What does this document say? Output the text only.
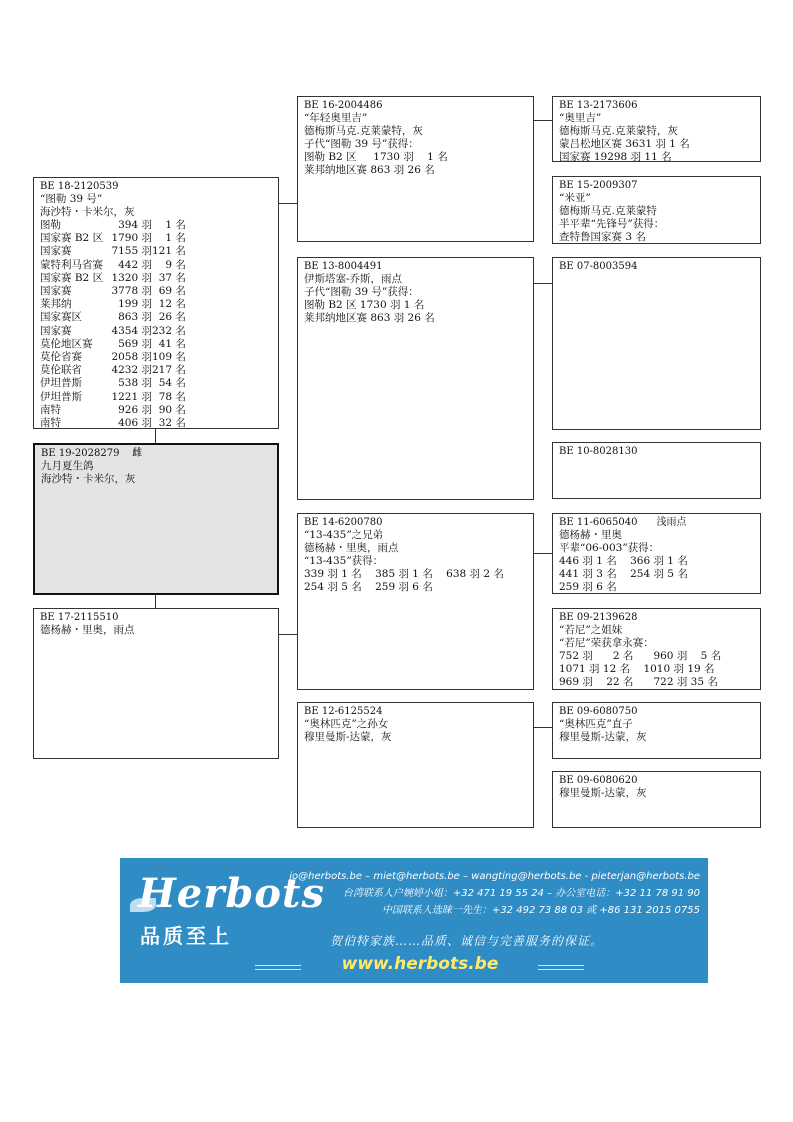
BE 18-2120539
“图勒 39 号”
海沙特・卡米尔，灰
图勒	394 羽	1 名
国家赛 B2 区	1790 羽	1 名
国家赛	7155 羽	121 名
蒙特利马省赛	442 羽	9 名
国家赛 B2 区	1320 羽	37 名
国家赛	3778 羽	69 名
莱邦纳	199 羽	12 名
国家赛区	863 羽	26 名
国家赛	4354 羽	232 名
莫伦地区赛	569 羽	41 名
莫伦省赛	2058 羽	109 名
莫伦联省	4232 羽	217 名
伊坦普斯	538 羽	54 名
伊坦普斯	1221 羽	78 名
南特	926 羽	90 名
南特	406 羽	32 名
BE 19-2028279    雌
九月夏生鸽
海沙特・卡米尔，灰
BE 17-2115510
德杨赫・里奥，雨点
BE 16-2004486
“年轻奥里吉”
德梅斯马克.克莱蒙特，灰
子代“图勒 39 号”获得：
图勒 B2 区     1730 羽    1 名
莱邦纳地区赛 863 羽 26 名
BE 13-8004491
伊斯塔塞-乔斯，雨点
子代“图勒 39 号”获得：
图勒 B2 区 1730 羽 1 名
莱邦纳地区赛 863 羽 26 名
BE 14-6200780
“13-435”之兄弟
德杨赫・里奥，雨点
“13-435”获得：
339 羽 1 名    385 羽 1 名    638 羽 2 名
254 羽 5 名    259 羽 6 名
BE 12-6125524
“奥林匹克”之孙女
穆里曼斯-达蒙，灰
BE 13-2173606
“奥里吉”
德梅斯马克.克莱蒙特，灰
蒙吕松地区赛 3631 羽 1 名
国家赛 19298 羽 11 名
BE 15-2009307
“米亚”
德梅斯马克.克莱蒙特
半平辈“先锋号”获得：
查特鲁国家赛 3 名
BE 07-8003594
BE 10-8028130
BE 11-6065040      浅雨点
德杨赫・里奥
平辈“06-003”获得：
446 羽 1 名    366 羽 1 名
441 羽 3 名    254 羽 5 名
259 羽 6 名
BE 09-2139628
“若尼”之姐妹
“若尼”荣获拿永赛：
752 羽      2 名      960 羽    5 名
1071 羽 12 名    1010 羽 19 名
969 羽    22 名      722 羽 35 名
BE 09-6080750
“奥林匹克”直子
穆里曼斯-达蒙，灰
BE 09-6080620
穆里曼斯-达蒙，灰
Herbots
品质至上
jo@herbots.be – miet@herbots.be – wangting@herbots.be - pieterjan@herbots.be
台湾联系人户婉婷小姐：+32 471 19 55 24 – 办公室电话：+32 11 78 91 90
中国联系人选睐一先生：+32 492 73 88 03 或 +86 131 2015 0755
贺伯特家族……品质、诚信与完善服务的保证。
www.herbots.be
